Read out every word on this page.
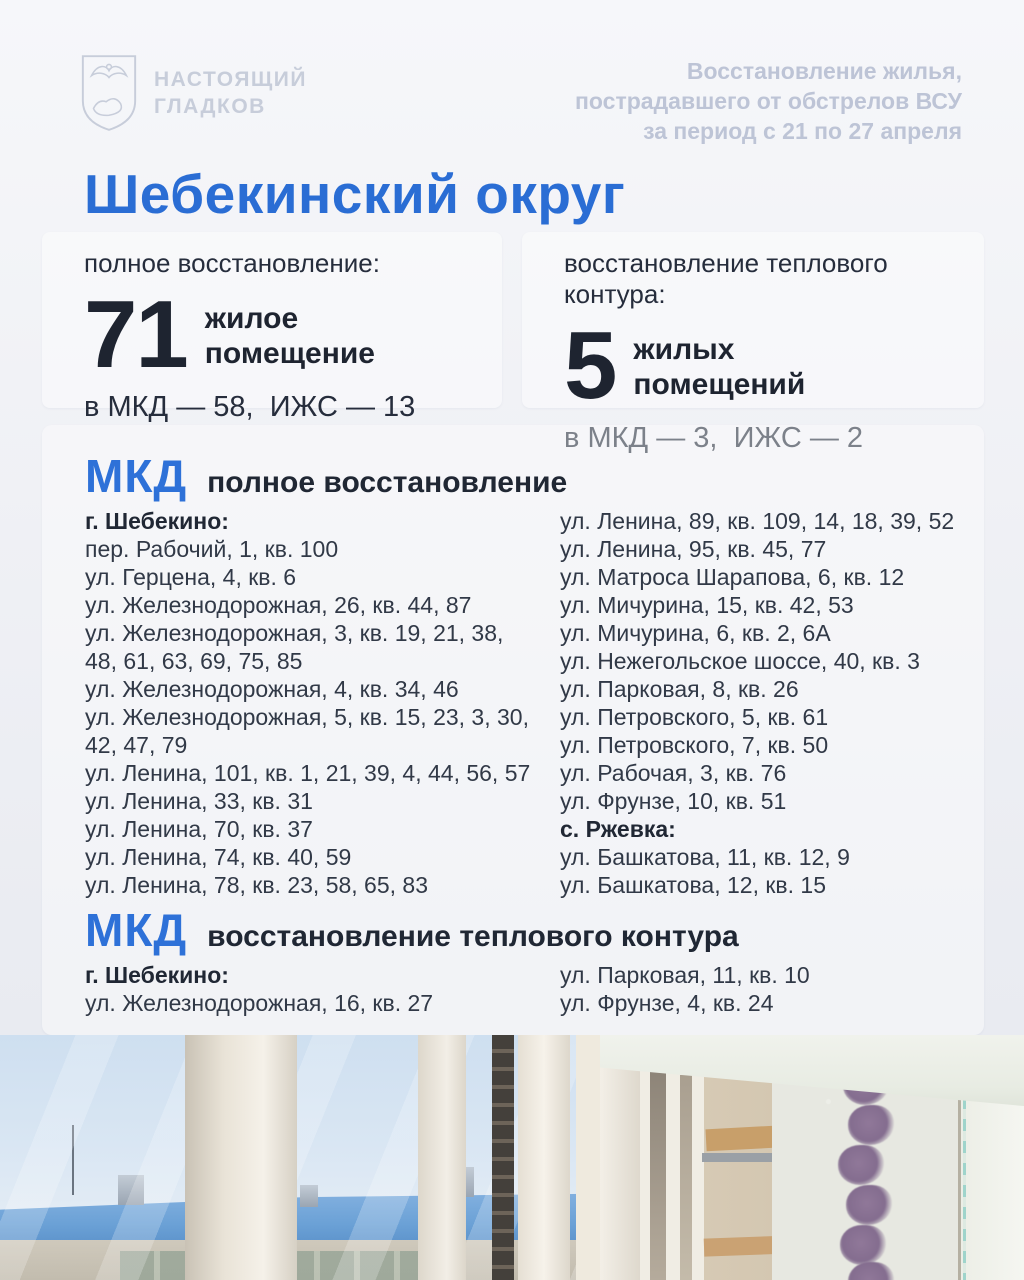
НАСТОЯЩИЙ
ГЛАДКОВ
Восстановление жилья,
пострадавшего от обстрелов ВСУ
за период с 21 по 27 апреля
Шебекинский округ
полное восстановление:
71 жилое
помещение
в МКД — 58,  ИЖС — 13
восстановление теплового контура:
5 жилых
помещений
в МКД — 3,  ИЖС — 2
МКД полное восстановление
г. Шебекино:
пер. Рабочий, 1, кв. 100
ул. Герцена, 4, кв. 6
ул. Железнодорожная, 26, кв. 44, 87
ул. Железнодорожная, 3, кв. 19, 21, 38, 48, 61, 63, 69, 75, 85
ул. Железнодорожная, 4, кв. 34, 46
ул. Железнодорожная, 5, кв. 15, 23, 3, 30, 42, 47, 79
ул. Ленина, 101, кв. 1, 21, 39, 4, 44, 56, 57
ул. Ленина, 33, кв. 31
ул. Ленина, 70, кв. 37
ул. Ленина, 74, кв. 40, 59
ул. Ленина, 78, кв. 23, 58, 65, 83
ул. Ленина, 89, кв. 109, 14, 18, 39, 52
ул. Ленина, 95, кв. 45, 77
ул. Матроса Шарапова, 6, кв. 12
ул. Мичурина, 15, кв. 42, 53
ул. Мичурина, 6, кв. 2, 6А
ул. Нежегольское шоссе, 40, кв. 3
ул. Парковая, 8, кв. 26
ул. Петровского, 5, кв. 61
ул. Петровского, 7, кв. 50
ул. Рабочая, 3, кв. 76
ул. Фрунзе, 10, кв. 51
с. Ржевка:
ул. Башкатова, 11, кв. 12, 9
ул. Башкатова, 12, кв. 15
МКД восстановление теплового контура
г. Шебекино:
ул. Железнодорожная, 16, кв. 27
ул. Парковая, 11, кв. 10
ул. Фрунзе, 4, кв. 24
